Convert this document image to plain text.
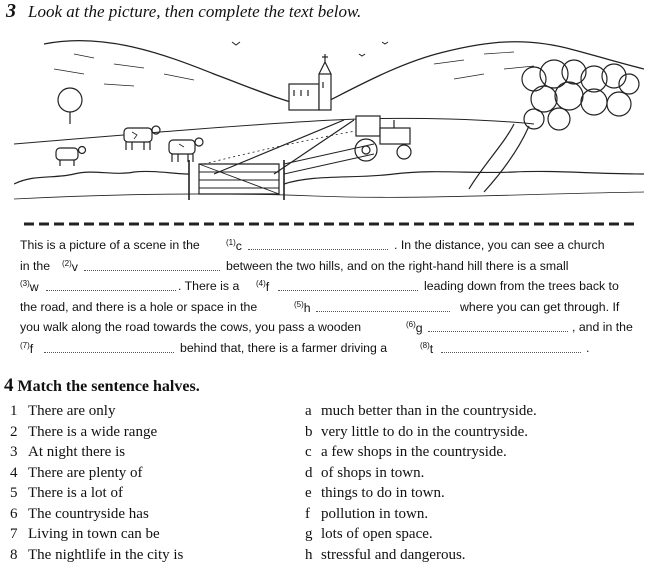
3 Look at the picture, then complete the text below.
This is a picture of a scene in the	$^{(1)}$c	. In the distance, you can see a church
in the $^{(2)}$v	between the two hills, and on the right-hand hill there is a small
$^{(3)}$w	. There is a $^{(4)}$f	leading down from the trees back to
the road, and there is a hole or space in the	$^{(5)}$h	where you can get through. If
you walk along the road towards the cows, you pass a wooden	$^{(6)}$g	, and in the
$^{(7)}$f	behind that, there is a farmer driving a	$^{(8)}$t	.
4 Match the sentence halves.
1 There are only
2 There is a wide range
3 At night there is
4 There are plenty of
5 There is a lot of
6 The countryside has
7 Living in town can be
8 The nightlife in the city is
a much better than in the countryside.
b very little to do in the countryside.
c a few shops in the countryside.
d of shops in town.
e things to do in town.
f pollution in town.
g lots of open space.
h stressful and dangerous.
